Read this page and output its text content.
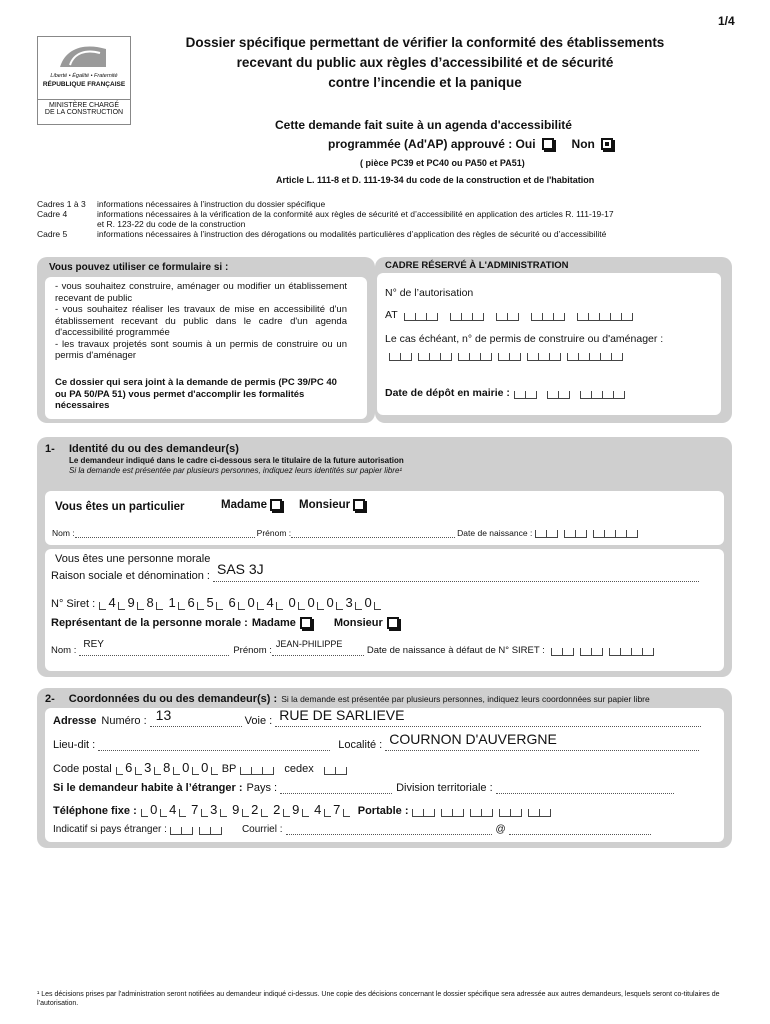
1/4
Liberté • Égalité • Fraternité
RÉPUBLIQUE FRANÇAISE
MINISTÈRE CHARGÉ
DE LA CONSTRUCTION
Dossier spécifique permettant de vérifier la conformité des établissements
recevant du public aux règles d’accessibilité et de sécurité
contre l’incendie et la panique
Cette demande fait suite à un agenda d'accessibilité
programmée (Ad'AP) approuvé : Oui	Non
( pièce PC39 et PC40 ou PA50 et PA51)
Article L. 111-8 et D. 111-19-34 du code de la construction et de l'habitation
Cadres 1 à 3	informations nécessaires à l’instruction du dossier spécifique
Cadre 4	informations nécessaires à la vérification de la conformité aux règles de sécurité et d’accessibilité en application des articles R. 111-19-17
et R. 123-22 du code de la construction
Cadre 5	informations nécessaires à l’instruction des dérogations ou modalités particulières d’application des règles de sécurité ou d’accessibilité
Vous pouvez utiliser ce formulaire si :
- vous souhaitez construire, aménager ou modifier un établissement recevant de public
- vous souhaitez réaliser les travaux de mise en accessibilité d'un établissement recevant du public dans le cadre d'un agenda d'accessibilité programmée
- les travaux projetés sont soumis à un permis de construire ou un permis d'aménager
Ce dossier qui sera joint à la demande de permis (PC 39/PC 40 ou PA 50/PA 51) vous permet d'accomplir les formalités nécessaires
CADRE RÉSERVÉ À L'ADMINISTRATION
N° de l’autorisation
AT
Le cas échéant, n° de permis de construire ou d'aménager :
Date de dépôt en mairie :
1- Identité du ou des demandeur(s)
Le demandeur indiqué dans le cadre ci-dessous sera le titulaire de la future autorisation
Si la demande est présentée par plusieurs personnes, indiquez leurs identités sur papier libre¹
Vous êtes un particulier	Madame	Monsieur
Nom :	Prénom :	Date de naissance :
Vous êtes une personne morale
Raison sociale et dénomination : SAS 3J
N° Siret : 4 9 8 1 6 5 6 0 4 0 0 0 3 0
Représentant de la personne morale : Madame	Monsieur
Nom :
REY
Prénom :
JEAN-PHILIPPE
Date de naissance à défaut de N° SIRET :
2- Coordonnées du ou des demandeur(s) : Si la demande est présentée par plusieurs personnes, indiquez leurs coordonnées sur papier libre
Adresse Numéro : 13	Voie : RUE DE SARLIEVE
Lieu-dit :	Localité : COURNON D'AUVERGNE
Code postal 6 3 8 0 0 BP	cedex
Si le demandeur habite à l’étranger : Pays :	Division territoriale :
Téléphone fixe : 0 4 7 3 9 2 2 9 4 7 Portable :
Indicatif si pays étranger :	Courriel :	@
¹ Les décisions prises par l’administration seront notifiées au demandeur indiqué ci-dessus. Une copie des décisions concernant le dossier spécifique sera adressée aux autres demandeurs, lesquels seront co-titulaires de l’autorisation.
